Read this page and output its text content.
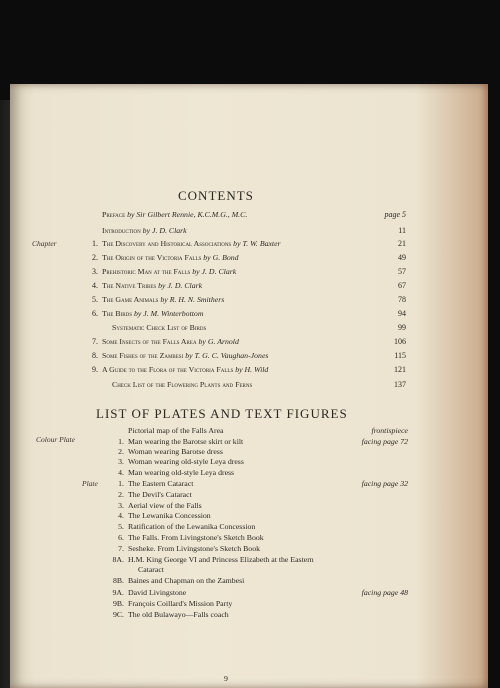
CONTENTS
Chapter
Preface by Sir Gilbert Rennie, K.C.M.G., M.C.	page 5
Introduction by J. D. Clark	11
1. The Discovery and Historical Associations by T. W. Baxter	21
2. The Origin of the Victoria Falls by G. Bond	49
3. Prehistoric Man at the Falls by J. D. Clark	57
4. The Native Tribes by J. D. Clark	67
5. The Game Animals by R. H. N. Smithers	78
6. The Birds by J. M. Winterbottom	94
Systematic Check List of Birds	99
7. Some Insects of the Falls Area by G. Arnold	106
8. Some Fishes of the Zambesi by T. G. C. Vaughan-Jones	115
9. A Guide to the Flora of the Victoria Falls by H. Wild	121
Check List of the Flowering Plants and Ferns	137
LIST OF PLATES AND TEXT FIGURES
Colour Plate
Plate
Pictorial map of the Falls Area	frontispiece
1. Man wearing the Barotse skirt or kilt	facing page 72
2. Woman wearing Barotse dress
3. Woman wearing old-style Leya dress
4. Man wearing old-style Leya dress
1. The Eastern Cataract	facing page 32
2. The Devil's Cataract
3. Aerial view of the Falls
4. The Lewanika Concession
5. Ratification of the Lewanika Concession
6. The Falls. From Livingstone's Sketch Book
7. Sesheke. From Livingstone's Sketch Book
8A. H.M. King George VI and Princess Elizabeth at the Eastern
Cataract
8B. Baines and Chapman on the Zambesi
9A. David Livingstone	facing page 48
9B. François Coillard's Mission Party
9C. The old Bulawayo—Falls coach
9
